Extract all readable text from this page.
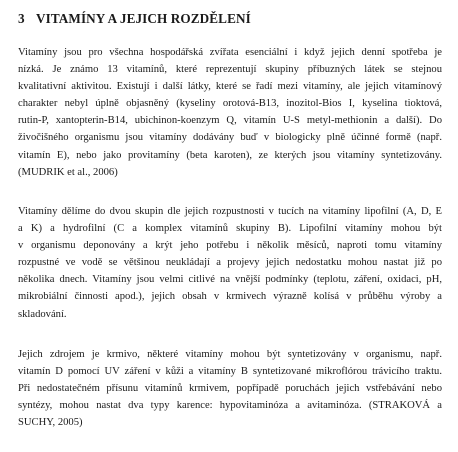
3 VITAMÍNY A JEJICH ROZDĚLENÍ
Vitamíny jsou pro všechna hospodářská zvířata esenciální i když jejich denní spotřeba je
nízká. Je známo 13 vitamínů, které reprezentují skupiny příbuzných látek se stejnou
kvalitativní aktivitou. Existují i další látky, které se řadí mezi vitamíny, ale jejich vitamínový
charakter nebyl úplně objasněný (kyseliny orotová-B13, inozitol-Bios I, kyselina tioktová,
rutin-P, xantopterin-B14, ubichinon-koenzym Q, vitamín U-S metyl-methionin a další). Do
živočišného organismu jsou vitamíny dodávány buď v biologicky plně účinné formě (např.
vitamín E), nebo jako provitamíny (beta karoten), ze kterých jsou vitamíny syntetizovány.
(MUDRIK et al., 2006)
Vitamíny dělíme do dvou skupin dle jejich rozpustnosti v tucích na vitamíny lipofilní (A, D, E
a K) a hydrofilní (C a komplex vitamínů skupiny B). Lipofilní vitamíny mohou být
v organismu deponovány a krýt jeho potřebu i několik měsíců, naproti tomu vitamíny
rozpustné ve vodě se většinou neukládají a projevy jejich nedostatku mohou nastat již po
několika dnech. Vitamíny jsou velmi citlivé na vnější podmínky (teplotu, záření, oxidaci, pH,
mikrobiální činnosti apod.), jejich obsah v krmivech výrazně kolísá v průběhu výroby a
skladování.
Jejich zdrojem je krmivo, některé vitamíny mohou být syntetizovány v organismu, např.
vitamín D pomocí UV záření v kůži a vitamíny B syntetizované mikroflórou trávicího traktu.
Při nedostatečném přísunu vitamínů krmivem, popřípadě poruchách jejich vstřebávání nebo
syntézy, mohou nastat dva typy karence: hypovitaminóza a avitaminóza. (STRAKOVÁ a
SUCHY, 2005)
